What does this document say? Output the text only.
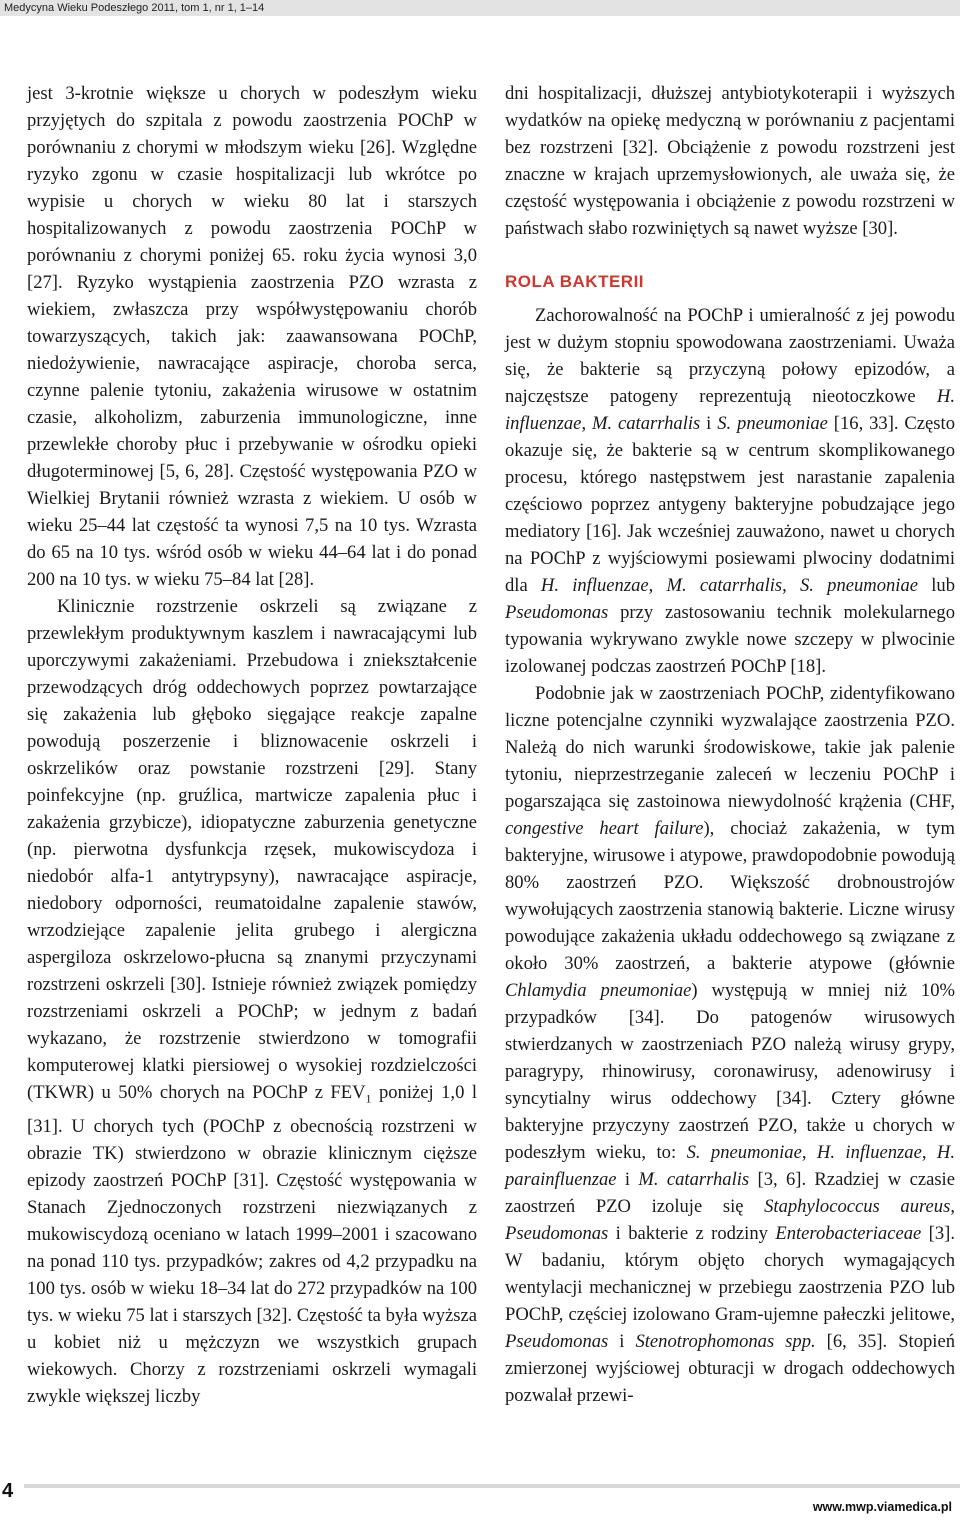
Medycyna Wieku Podeszłego 2011, tom 1, nr 1, 1–14

jest 3-krotnie większe u chorych w podeszłym wieku przyjętych do szpitala z powodu zaostrzenia POChP w porównaniu z chorymi w młodszym wieku [26]. Względne ryzyko zgonu w czasie hospitalizacji lub wkrótce po wypisie u chorych w wieku 80 lat i starszych hospitalizowanych z powodu zaostrzenia POChP w porównaniu z chorymi poniżej 65. roku życia wynosi 3,0 [27]. Ryzyko wystąpienia zaostrzenia PZO wzrasta z wiekiem, zwłaszcza przy współwystępowaniu chorób towarzyszących, takich jak: zaawansowana POChP, niedożywienie, nawracające aspiracje, choroba serca, czynne palenie tytoniu, zakażenia wirusowe w ostatnim czasie, alkoholizm, zaburzenia immunologiczne, inne przewlekłe choroby płuc i przebywanie w ośrodku opieki długoterminowej [5, 6, 28]. Częstość występowania PZO w Wielkiej Brytanii również wzrasta z wiekiem. U osób w wieku 25–44 lat częstość ta wynosi 7,5 na 10 tys. Wzrasta do 65 na 10 tys. wśród osób w wieku 44–64 lat i do ponad 200 na 10 tys. w wieku 75–84 lat [28].

Klinicznie rozstrzenie oskrzeli są związane z przewlekłym produktywnym kaszlem i nawracającymi lub uporczywymi zakażeniami. Przebudowa i zniekształcenie przewodzących dróg oddechowych poprzez powtarzające się zakażenia lub głęboko sięgające reakcje zapalne powodują poszerzenie i bliznowacenie oskrzeli i oskrzelików oraz powstanie rozstrzeni [29]. Stany poinfekcyjne (np. gruźlica, martwicze zapalenia płuc i zakażenia grzybicze), idiopatyczne zaburzenia genetyczne (np. pierwotna dysfunkcja rzęsek, mukowiscydoza i niedobór alfa-1 antytrypsyny), nawracające aspiracje, niedobory odporności, reumatoidalne zapalenie stawów, wrzodziejące zapalenie jelita grubego i alergiczna aspergiloza oskrzelowo-płucna są znanymi przyczynami rozstrzeni oskrzeli [30]. Istnieje również związek pomiędzy rozstrzeniami oskrzeli a POChP; w jednym z badań wykazano, że rozstrzenie stwierdzono w tomografii komputerowej klatki piersiowej o wysokiej rozdzielczości (TKWR) u 50% chorych na POChP z $FEV_1$ poniżej 1,0 l [31]. U chorych tych (POChP z obecnością rozstrzeni w obrazie TK) stwierdzono w obrazie klinicznym cięższe epizody zaostrzeń POChP [31]. Częstość występowania w Stanach Zjednoczonych rozstrzeni niezwiązanych z mukowiscydozą oceniano w latach 1999–2001 i szacowano na ponad 110 tys. przypadków; zakres od 4,2 przypadku na 100 tys. osób w wieku 18–34 lat do 272 przypadków na 100 tys. w wieku 75 lat i starszych [32]. Częstość ta była wyższa u kobiet niż u mężczyzn we wszystkich grupach wiekowych. Chorzy z rozstrzeniami oskrzeli wymagali zwykle większej liczby

dni hospitalizacji, dłuższej antybiotykoterapii i wyższych wydatków na opiekę medyczną w porównaniu z pacjentami bez rozstrzeni [32]. Obciążenie z powodu rozstrzeni jest znaczne w krajach uprzemysłowionych, ale uważa się, że częstość występowania i obciążenie z powodu rozstrzeni w państwach słabo rozwiniętych są nawet wyższe [30].

ROLA BAKTERII

Zachorowalność na POChP i umieralność z jej powodu jest w dużym stopniu spowodowana zaostrzeniami. Uważa się, że bakterie są przyczyną połowy epizodów, a najczęstsze patogeny reprezentują nieotoczkowe H. influenzae, M. catarrhalis i S. pneumoniae [16, 33]. Często okazuje się, że bakterie są w centrum skomplikowanego procesu, którego następstwem jest narastanie zapalenia częściowo poprzez antygeny bakteryjne pobudzające jego mediatory [16]. Jak wcześniej zauważono, nawet u chorych na POChP z wyjściowymi posiewami plwociny dodatnimi dla H. influenzae, M. catarrhalis, S. pneumoniae lub Pseudomonas przy zastosowaniu technik molekularnego typowania wykrywano zwykle nowe szczepy w plwocinie izolowanej podczas zaostrzeń POChP [18].

Podobnie jak w zaostrzeniach POChP, zidentyfikowano liczne potencjalne czynniki wyzwalające zaostrzenia PZO. Należą do nich warunki środowiskowe, takie jak palenie tytoniu, nieprzestrzeganie zaleceń w leczeniu POChP i pogarszająca się zastoinowa niewydolność krążenia (CHF, congestive heart failure), chociaż zakażenia, w tym bakteryjne, wirusowe i atypowe, prawdopodobnie powodują 80% zaostrzeń PZO. Większość drobnoustrojów wywołujących zaostrzenia stanowią bakterie. Liczne wirusy powodujące zakażenia układu oddechowego są związane z około 30% zaostrzeń, a bakterie atypowe (głównie Chlamydia pneumoniae) występują w mniej niż 10% przypadków [34]. Do patogenów wirusowych stwierdzanych w zaostrzeniach PZO należą wirusy grypy, paragrypy, rhinowirusy, coronawirusy, adenowirusy i syncytialny wirus oddechowy [34]. Cztery główne bakteryjne przyczyny zaostrzeń PZO, także u chorych w podeszłym wieku, to: S. pneumoniae, H. influenzae, H. parainfluenzae i M. catarrhalis [3, 6]. Rzadziej w czasie zaostrzeń PZO izoluje się Staphylococcus aureus, Pseudomonas i bakterie z rodziny Enterobacteriaceae [3]. W badaniu, którym objęto chorych wymagających wentylacji mechanicznej w przebiegu zaostrzenia PZO lub POChP, częściej izolowano Gram-ujemne pałeczki jelitowe, Pseudomonas i Stenotrophomonas spp. [6, 35]. Stopień zmierzonej wyjściowej obturacji w drogach oddechowych pozwalał przewi-

4
www.mwp.viamedica.pl
